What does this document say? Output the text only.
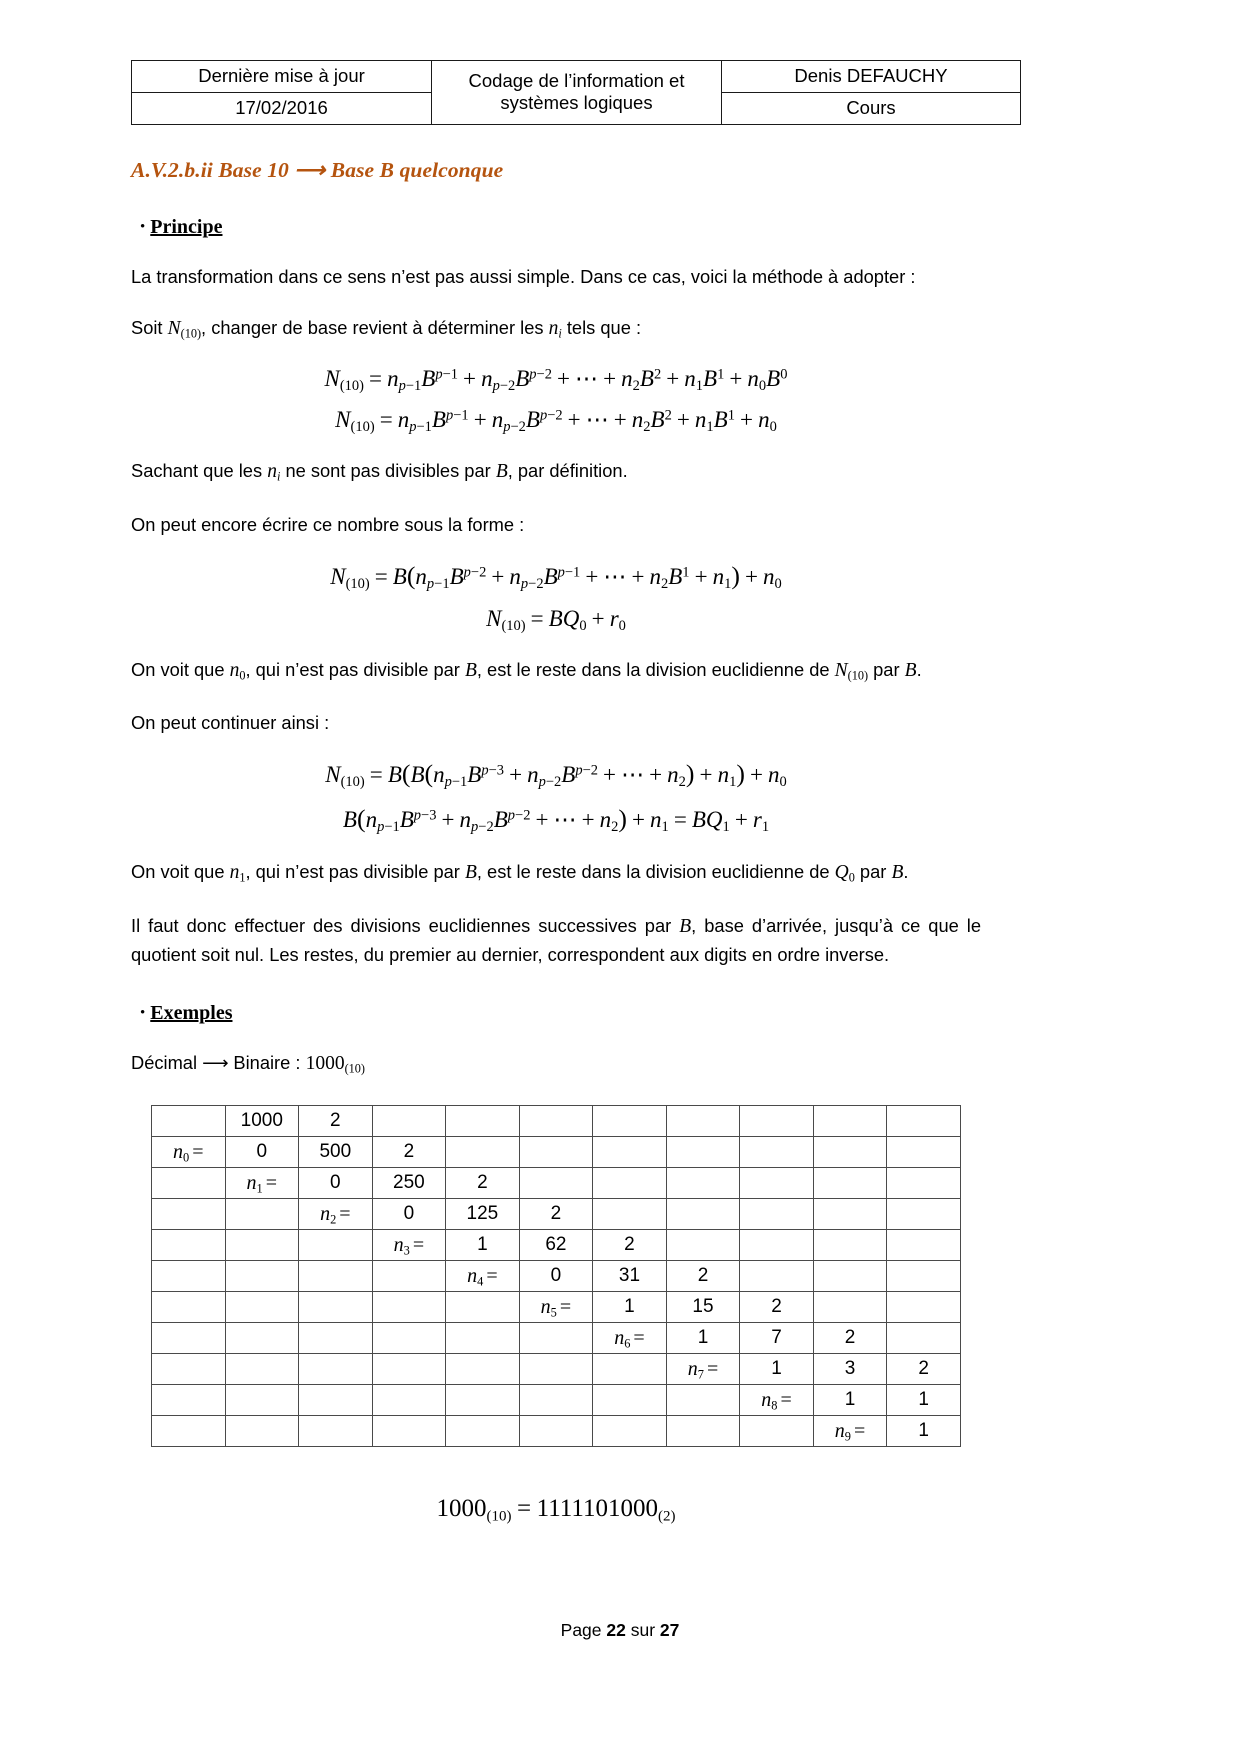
Dernière mise à jour	Codage de l’information et systèmes logiques	Denis DEFAUCHY
17/02/2016		Cours
A.V.2.b.ii Base 10 ⟶ Base B quelconque
• Principe

La transformation dans ce sens n’est pas aussi simple. Dans ce cas, voici la méthode à adopter :

Soit $N_{(10)}$, changer de base revient à déterminer les $n_i$ tels que :

$N_{(10)} = n_{p-1}B^{p-1} + n_{p-2}B^{p-2}$ + ⋯ + $n_2B^2 + n_1B^1 + n_0B^0$
$N_{(10)} = n_{p-1}B^{p-1} + n_{p-2}B^{p-2}$ + ⋯ + $n_2B^2 + n_1B^1 + n_0$

Sachant que les $n_i$ ne sont pas divisibles par B, par définition.

On peut encore écrire ce nombre sous la forme :

$N_{(10)} = B(n_{p-1}B^{p-2} + n_{p-2}B^{p-1}$ + ⋯ + $n_2B^1 + n_1) + n_0$
$N_{(10)} = BQ_0 + r_0$

On voit que $n_0$, qui n’est pas divisible par B, est le reste dans la division euclidienne de $N_{(10)}$ par B.

On peut continuer ainsi :

$N_{(10)} = B(B(n_{p-1}B^{p-3} + n_{p-2}B^{p-2}$ + ⋯ + $n_2) + n_1) + n_0$
$B(n_{p-1}B^{p-3} + n_{p-2}B^{p-2}$ + ⋯ + $n_2) + n_1 = BQ_1 + r_1$

On voit que $n_1$, qui n’est pas divisible par B, est le reste dans la division euclidienne de $Q_0$ par B.

Il faut donc effectuer des divisions euclidiennes successives par B, base d’arrivée, jusqu’à ce que le quotient soit nul. Les restes, du premier au dernier, correspondent aux digits en ordre inverse.

• Exemples

Décimal ⟶ Binaire : $1000_{(10)}$

	1000	2								
$n_0$ =	0	500	2							
	$n_1$ =	0	250	2						
		$n_2$ =	0	125	2					
			$n_3$ =	1	62	2				
				$n_4$ =	0	31	2			
					$n_5$ =	1	15	2		
						$n_6$ =	1	7	2	
							$n_7$ =	1	3	2
								$n_8$ =	1	1
									$n_9$ =	1
$1000_{(10)} = 1111101000_{(2)}$
Page 22 sur 27
